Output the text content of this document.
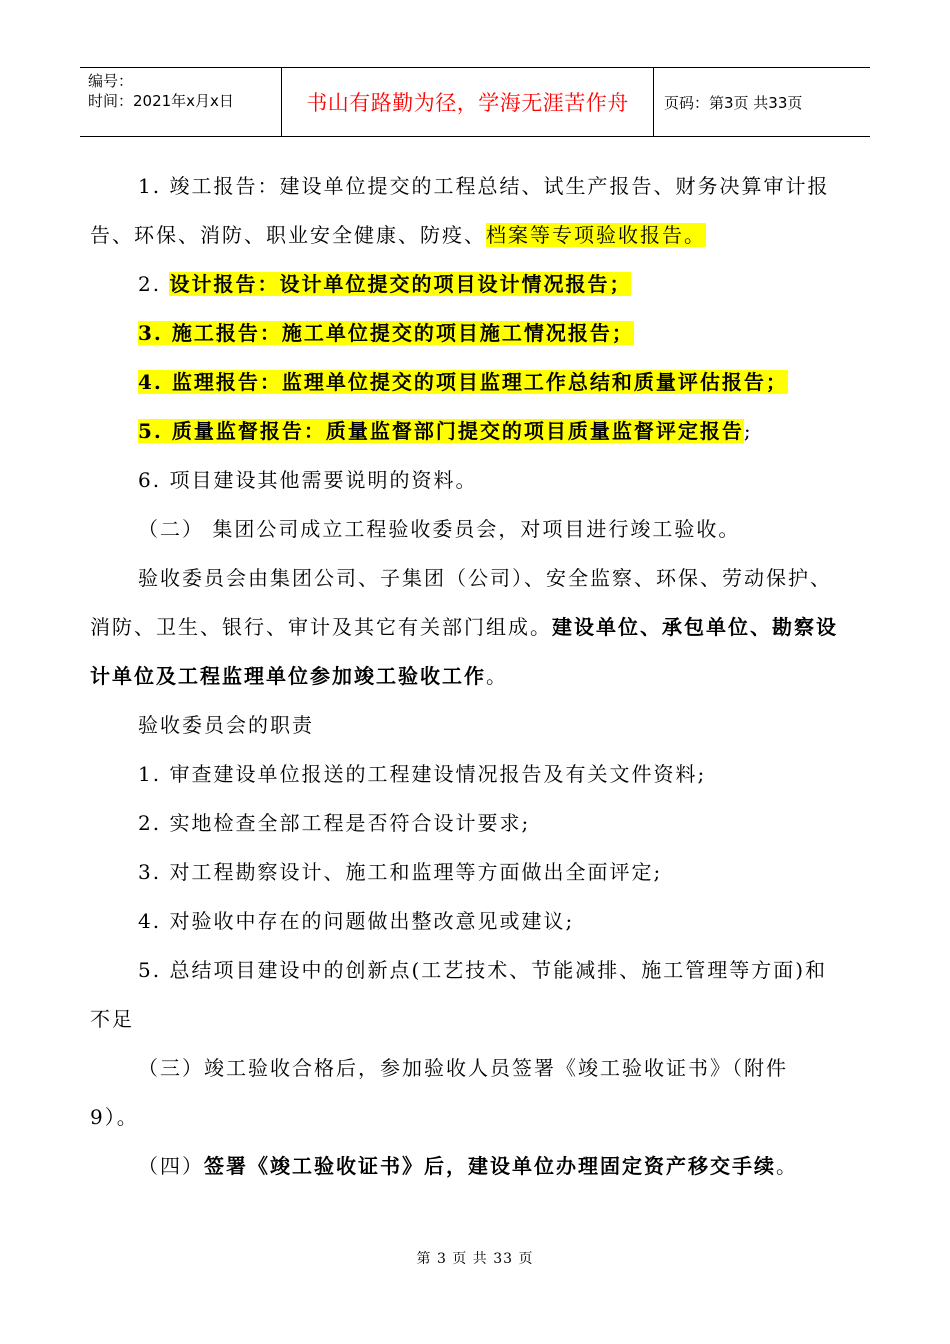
编号：
时间：2021年x月x日	书山有路勤为径，学海无涯苦作舟	页码：第3页 共33页

1. 竣工报告：建设单位提交的工程总结、试生产报告、财务决算审计报

告、环保、消防、职业安全健康、防疫、档案等专项验收报告。

2. 设计报告：设计单位提交的项目设计情况报告；

3. 施工报告：施工单位提交的项目施工情况报告；

4. 监理报告：监理单位提交的项目监理工作总结和质量评估报告；

5. 质量监督报告：质量监督部门提交的项目质量监督评定报告;

6. 项目建设其他需要说明的资料。

（二） 集团公司成立工程验收委员会，对项目进行竣工验收。

验收委员会由集团公司、子集团（公司）、安全监察、环保、劳动保护、

消防、卫生、银行、审计及其它有关部门组成。建设单位、承包单位、勘察设

计单位及工程监理单位参加竣工验收工作。

验收委员会的职责

1. 审查建设单位报送的工程建设情况报告及有关文件资料;

2. 实地检查全部工程是否符合设计要求;

3. 对工程勘察设计、施工和监理等方面做出全面评定;

4. 对验收中存在的问题做出整改意见或建议;

5. 总结项目建设中的创新点(工艺技术、节能减排、施工管理等方面)和

不足

（三）竣工验收合格后，参加验收人员签署《竣工验收证书》（附件

9）。

（四）签署《竣工验收证书》后，建设单位办理固定资产移交手续。

第 3 页 共 33 页
